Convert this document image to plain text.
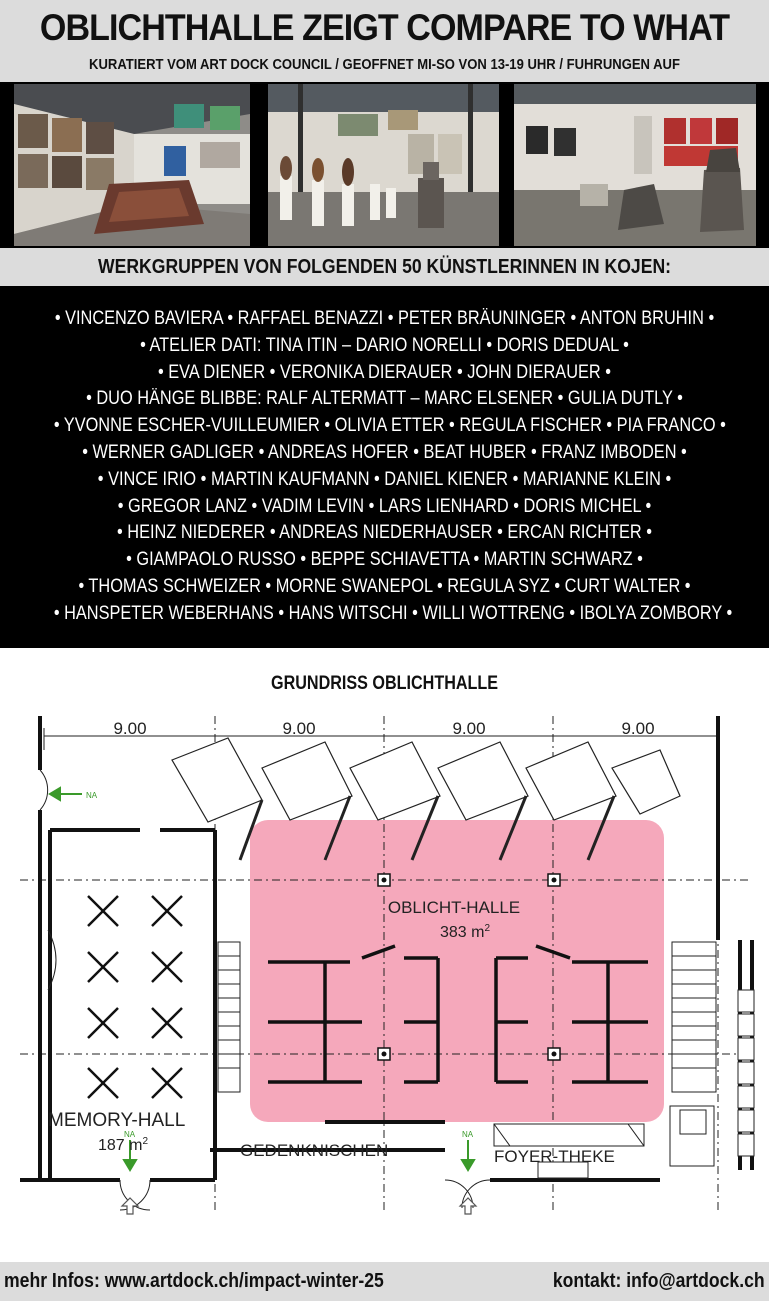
OBLICHTHALLE ZEIGT COMPARE TO WHAT
KURATIERT VOM ART DOCK COUNCIL / GEOFFNET MI-SO VON 13-19 UHR / FUHRUNGEN AUF
WERKGRUPPEN VON FOLGENDEN 50 KÜNSTLERINNEN IN KOJEN:
• VINCENZO BAVIERA • RAFFAEL BENAZZI • PETER BRÄUNINGER • ANTON BRUHIN •
• ATELIER DATI: TINA ITIN – DARIO NORELLI • DORIS DEDUAL •
• EVA DIENER • VERONIKA DIERAUER • JOHN DIERAUER •
• DUO HÄNGE BLIBBE: RALF ALTERMATT – MARC ELSENER • GULIA DUTLY •
• YVONNE ESCHER-VUILLEUMIER • OLIVIA ETTER • REGULA FISCHER • PIA FRANCO •
• WERNER GADLIGER • ANDREAS HOFER • BEAT HUBER • FRANZ IMBODEN •
• VINCE IRIO • MARTIN KAUFMANN • DANIEL KIENER • MARIANNE KLEIN •
• GREGOR LANZ • VADIM LEVIN • LARS LIENHARD • DORIS MICHEL •
• HEINZ NIEDERER • ANDREAS NIEDERHAUSER • ERCAN RICHTER •
• GIAMPAOLO RUSSO • BEPPE SCHIAVETTA • MARTIN SCHWARZ •
• THOMAS SCHWEIZER • MORNE SWANEPOL • REGULA SYZ • CURT WALTER •
• HANSPETER WEBERHANS • HANS WITSCHI • WILLI WOTTRENG • IBOLYA ZOMBORY •
GRUNDRISS OBLICHTHALLE
9.00	9.00	9.00	9.00
NA
NA	NA
OBLICHT-HALLE
383 $m^2$
MEMORY-HALL
187 $m^2$	GEDENKNISCHEN	FOYER-THEKE
mehr Infos: www.artdock.ch/impact-winter-25	kontakt: info@artdock.ch
